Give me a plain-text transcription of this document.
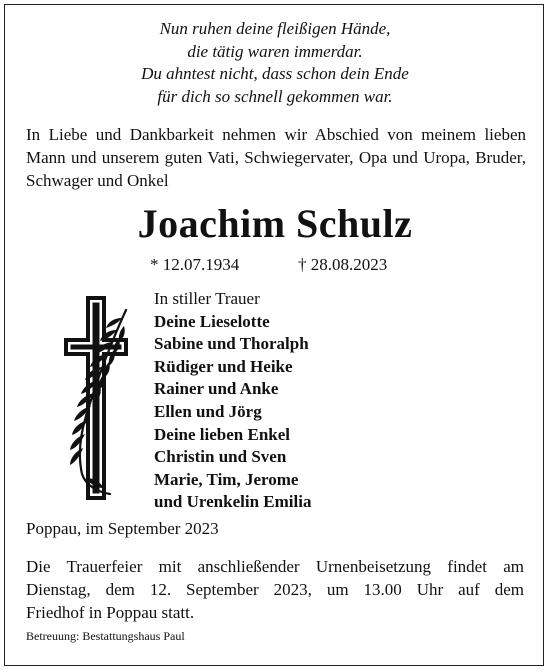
Nun ruhen deine fleißigen Hände,
die tätig waren immerdar.
Du ahntest nicht, dass schon dein Ende
für dich so schnell gekommen war.
In Liebe und Dankbarkeit nehmen wir Abschied von meinem lieben Mann und unserem guten Vati, Schwiegervater, Opa und Uropa, Bruder, Schwager und Onkel
Joachim Schulz
* 12.07.1934	† 28.08.2023
In stiller Trauer
Deine Lieselotte
Sabine und Thoralph
Rüdiger und Heike
Rainer und Anke
Ellen und Jörg
Deine lieben Enkel
Christin und Sven
Marie, Tim, Jerome
und Urenkelin Emilia
Poppau, im September 2023
Die Trauerfeier mit anschließender Urnenbeisetzung findet am
Dienstag, dem 12. September 2023, um 13.00 Uhr auf dem
Friedhof in Poppau statt.
Betreuung: Bestattungshaus Paul
